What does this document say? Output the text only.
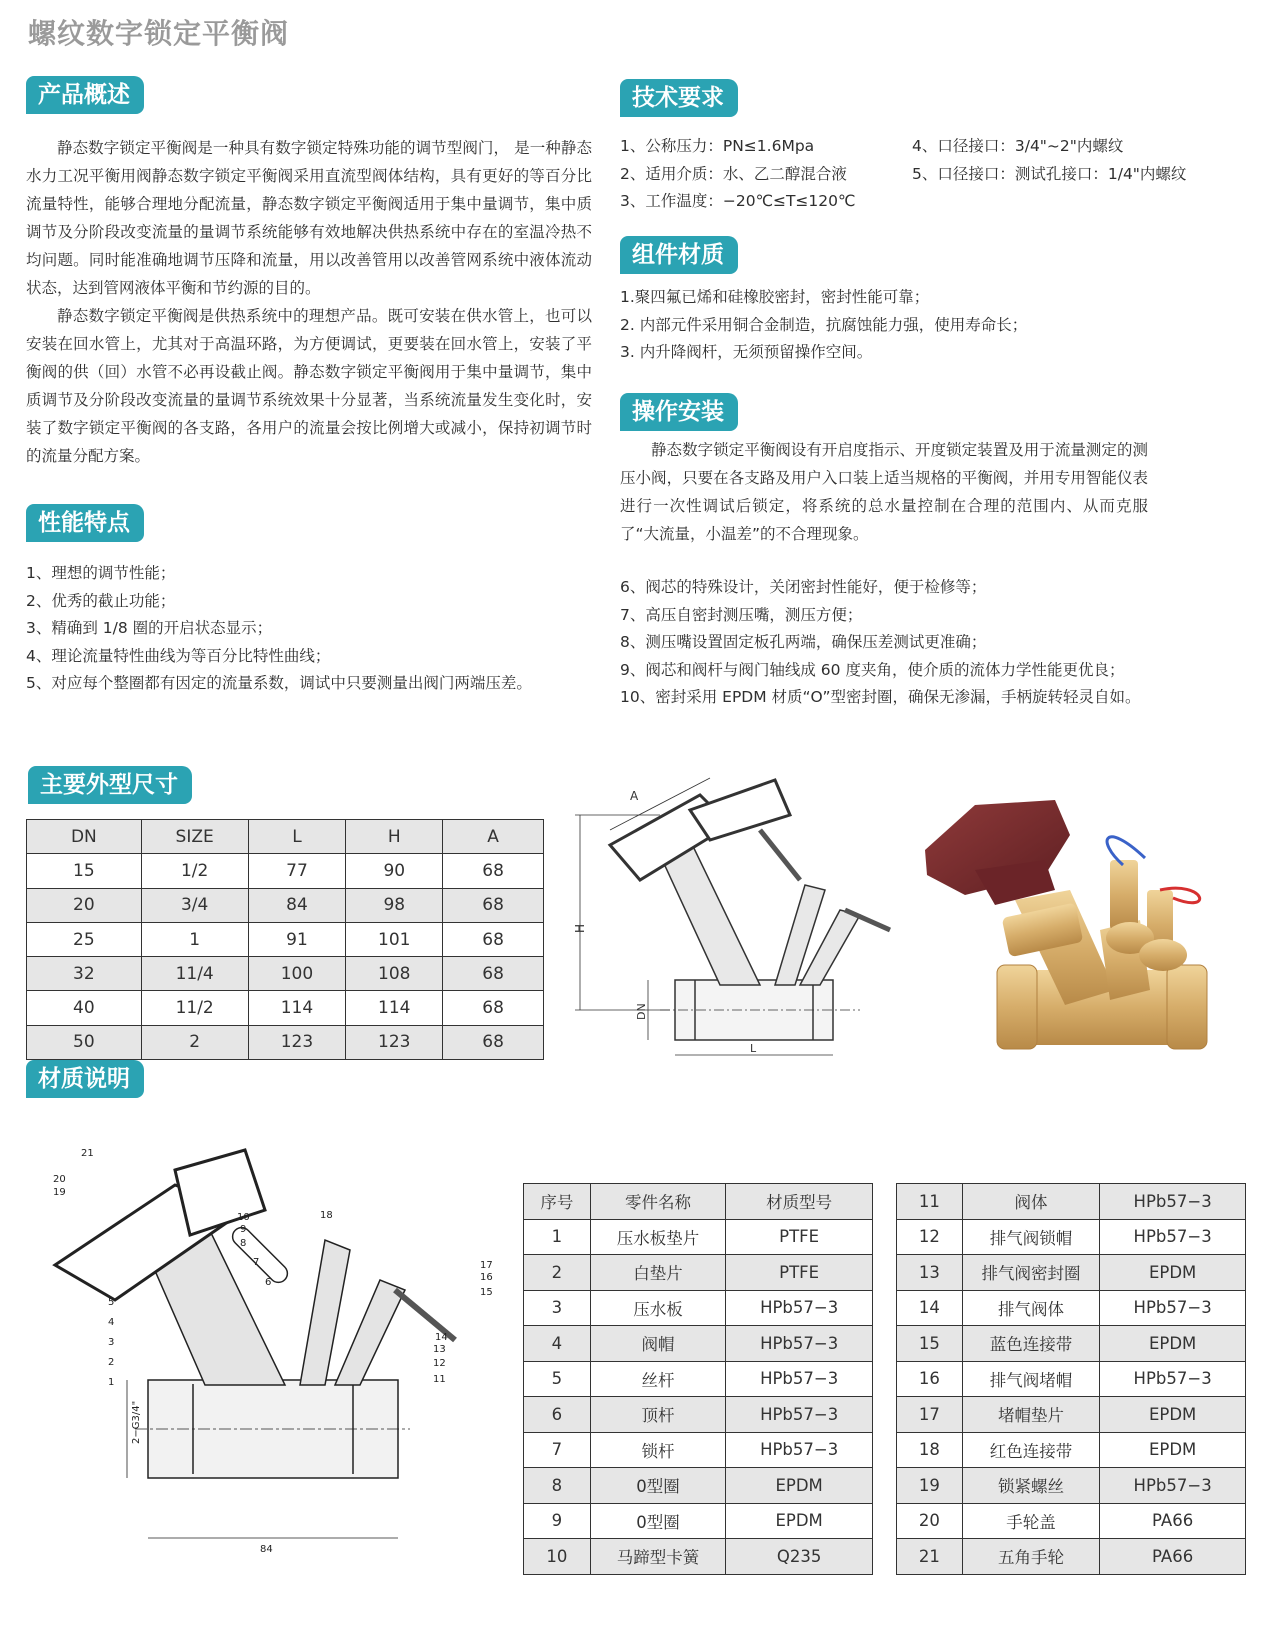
螺纹数字锁定平衡阀
产品概述

静态数字锁定平衡阀是一种具有数字锁定特殊功能的调节型阀门， 是一种静态水力工况平衡用阀静态数字锁定平衡阀采用直流型阀体结构，具有更好的等百分比流量特性，能够合理地分配流量，静态数字锁定平衡阀适用于集中量调节，集中质调节及分阶段改变流量的量调节系统能够有效地解决供热系统中存在的室温冷热不均问题。同时能准确地调节压降和流量，用以改善管用以改善管网系统中液体流动状态，达到管网液体平衡和节约源的目的。

静态数字锁定平衡阀是供热系统中的理想产品。既可安装在供水管上，也可以安装在回水管上，尤其对于高温环路，为方便调试，更要装在回水管上，安装了平衡阀的供（回）水管不必再设截止阀。静态数字锁定平衡阀用于集中量调节，集中质调节及分阶段改变流量的量调节系统效果十分显著，当系统流量发生变化时，安装了数字锁定平衡阀的各支路，各用户的流量会按比例增大或减小，保持初调节时的流量分配方案。

技术要求
1、公称压力：PN≤1.6Mpa	4、口径接口：3/4"~2"内螺纹
2、适用介质：水、乙二醇混合液	5、口径接口：测试孔接口：1/4"内螺纹
3、工作温度：−20℃≤T≤120℃
组件材质
1.聚四氟已烯和硅橡胶密封，密封性能可靠；
2. 内部元件采用铜合金制造，抗腐蚀能力强，使用寿命长；
3. 内升降阀杆，无须预留操作空间。
操作安装

静态数字锁定平衡阀设有开启度指示、开度锁定装置及用于流量测定的测压小阀，只要在各支路及用户入口装上适当规格的平衡阀，并用专用智能仪表进行一次性调试后锁定，将系统的总水量控制在合理的范围内、从而克服了“大流量，小温差”的不合理现象。

性能特点
1、理想的调节性能；
2、优秀的截止功能；
3、精确到 1/8 圈的开启状态显示；
4、理论流量特性曲线为等百分比特性曲线；
5、对应每个整圈都有因定的流量系数，调试中只要测量出阀门两端压差。
6、阀芯的特殊设计，关闭密封性能好，便于检修等；
7、高压自密封测压嘴，测压方便；
8、测压嘴设置固定板孔两端，确保压差测试更准确；
9、阀芯和阀杆与阀门轴线成 60 度夹角，使介质的流体力学性能更优良；
10、密封采用 EPDM 材质“O”型密封圈，确保无渗漏，手柄旋转轻灵自如。
主要外型尺寸
DN	SIZE	L	H	A
15	1/2	77	90	68
20	3/4	84	98	68
25	1	91	101	68
32	11/4	100	108	68
40	11/2	114	114	68
50	2	123	123	68
H
A
DN
L
材质说明
21
20
19
10
9
8
7
6
18
5
4
3
2
1
17
16
15
14
13
12
11
84
2−G3/4"
序号	零件名称	材质型号
1	压水板垫片	PTFE
2	白垫片	PTFE
3	压水板	HPb57−3
4	阀帽	HPb57−3
5	丝杆	HPb57−3
6	顶杆	HPb57−3
7	锁杆	HPb57−3
8	0型圈	EPDM
9	0型圈	EPDM
10	马蹄型卡簧	Q235
11	阀体	HPb57−3
12	排气阀锁帽	HPb57−3
13	排气阀密封圈	EPDM
14	排气阀体	HPb57−3
15	蓝色连接带	EPDM
16	排气阀堵帽	HPb57−3
17	堵帽垫片	EPDM
18	红色连接带	EPDM
19	锁紧螺丝	HPb57−3
20	手轮盖	PA66
21	五角手轮	PA66
